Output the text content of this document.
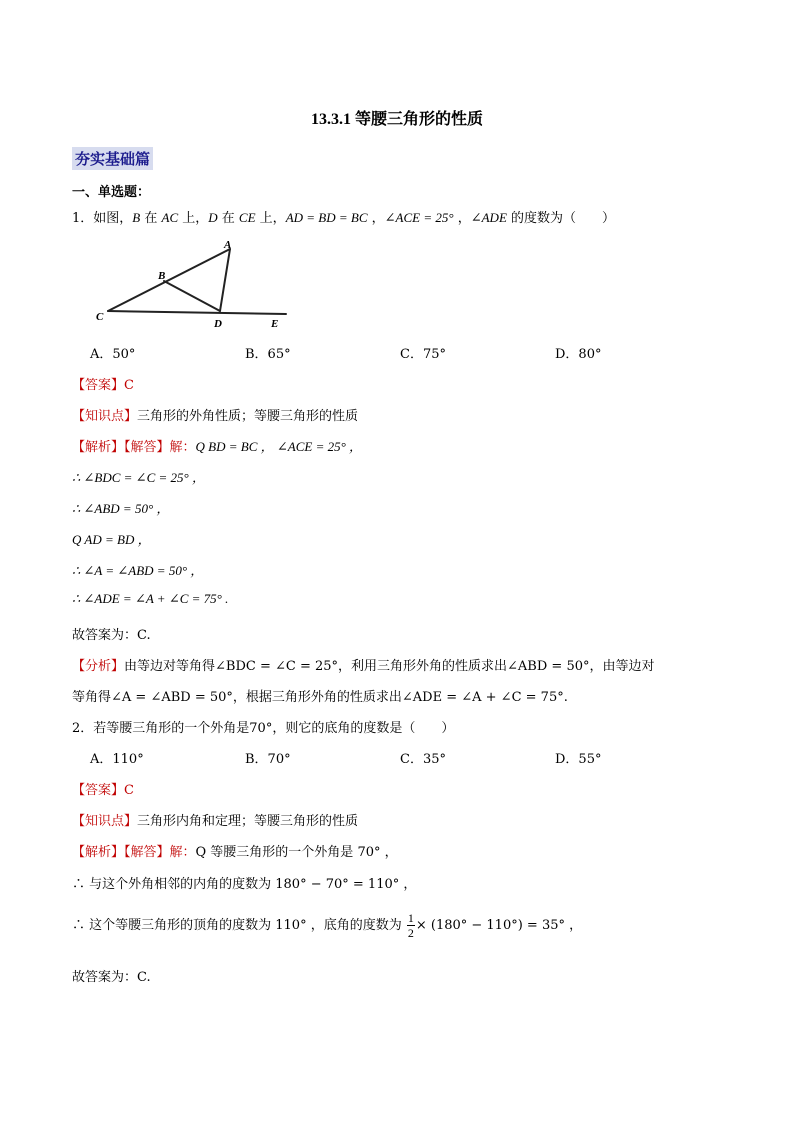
13.3.1 等腰三角形的性质
夯实基础篇
一、单选题：
1．如图，B 在 AC 上，D 在 CE 上，AD = BD = BC ，∠ACE = 25° ，∠ADE 的度数为（　　）
A
B
C
D	E
A．50°	B．65°	C．75°	D．80°
【答案】C
【知识点】三角形的外角性质；等腰三角形的性质
【解析】【解答】解：Q BD = BC ， ∠ACE = 25° ，
∴ ∠BDC = ∠C = 25° ，
∴ ∠ABD = 50° ，
Q AD = BD ，
∴ ∠A = ∠ABD = 50° ，
∴ ∠ADE = ∠A + ∠C = 75° .
故答案为：C.
【分析】由等边对等角得∠BDC = ∠C = 25°，利用三角形外角的性质求出∠ABD = 50°，由等边对
等角得∠A = ∠ABD = 50°，根据三角形外角的性质求出∠ADE = ∠A + ∠C = 75°.
2．若等腰三角形的一个外角是70°，则它的底角的度数是（　　）
A．110°	B．70°	C．35°	D．55°
【答案】C
【知识点】三角形内角和定理；等腰三角形的性质
【解析】【解答】解：Q 等腰三角形的一个外角是 70° ，
∴ 与这个外角相邻的内角的度数为 180° − 70° = 110° ，
∴ 这个等腰三角形的顶角的度数为 110° ，底角的度数为 $\frac{1}{2} \times (180^\circ - 110^\circ) = 35^\circ$ ，
故答案为：C.
